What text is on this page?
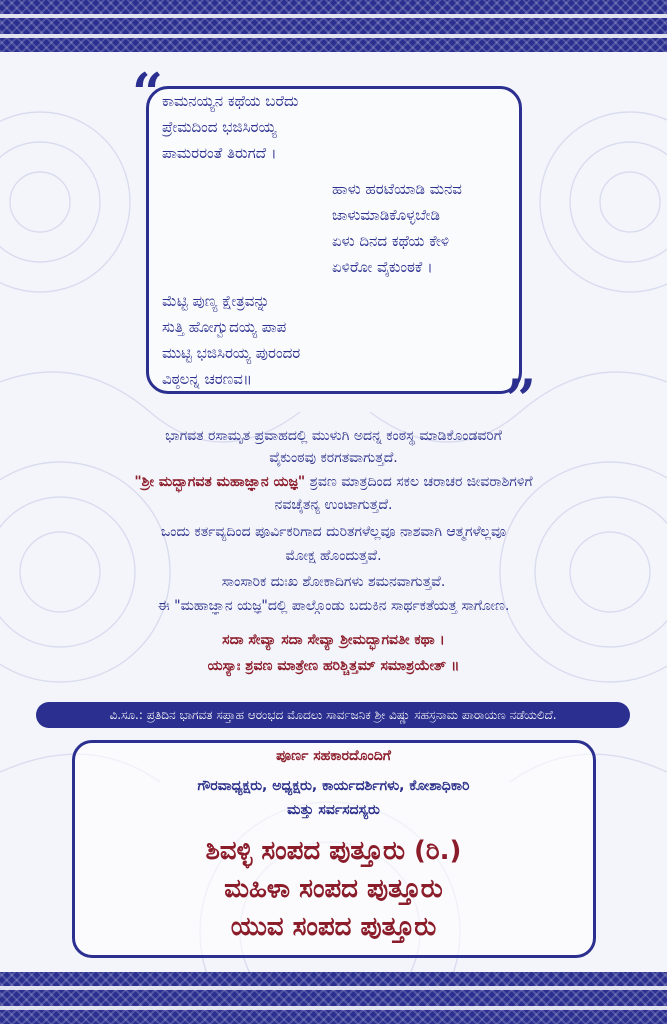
“
”
ಕಾಮನಯ್ಯನ ಕಥೆಯ ಬರೆದು
ಪ್ರೇಮದಿಂದ ಭಜಿಸಿರಯ್ಯ
ಪಾಮರರಂತೆ ತಿರುಗದೆ ।
ಹಾಳು ಹರಟೆಯಾಡಿ ಮನವ
ಜಾಳುಮಾಡಿಕೊಳ್ಳಬೇಡಿ
ಏಳು ದಿನದ ಕಥೆಯ ಕೇಳಿ
ಏಳಿರೋ ವೈಕುಂಠಕೆ ।
ಮೆಟ್ಟಿ ಪುಣ್ಯ ಕ್ಷೇತ್ರವನ್ನು
ಸುತ್ತಿ ಹೋಗ್ವುದಯ್ಯ ಪಾಪ
ಮುಟ್ಟಿ ಭಜಿಸಿರಯ್ಯ ಪುರಂದರ
ವಿಠ್ಠಲನ್ನ ಚರಣವ॥
ಭಾಗವತ ರಸಾಮೃತ ಪ್ರವಾಹದಲ್ಲಿ ಮುಳುಗಿ ಅದನ್ನ ಕಂಠಸ್ಥ ಮಾಡಿಕೊಂಡವರಿಗೆ
ವೈಕುಂಠವು ಕರಗತವಾಗುತ್ತದೆ.
"ಶ್ರೀ ಮದ್ಭಾಗವತ ಮಹಾಜ್ಞಾನ ಯಜ್ಞ" ಶ್ರವಣ ಮಾತ್ರದಿಂದ ಸಕಲ ಚರಾಚರ ಜೀವರಾಶಿಗಳಿಗೆ
ನವಚೈತನ್ಯ ಉಂಟಾಗುತ್ತದೆ.
ಒಂದು ಕರ್ತವ್ಯದಿಂದ ಪೂರ್ವಿಕರಿಗಾದ ದುರಿತಗಳೆಲ್ಲವೂ ನಾಶವಾಗಿ ಆತ್ಮಗಳೆಲ್ಲವೂ
ಮೋಕ್ಷ ಹೊಂದುತ್ತವೆ.
ಸಾಂಸಾರಿಕ ದುಃಖ ಶೋಕಾದಿಗಳು ಶಮನವಾಗುತ್ತವೆ.
ಈ "ಮಹಾಜ್ಞಾನ ಯಜ್ಞ"ದಲ್ಲಿ ಪಾಲ್ಗೊಂಡು ಬದುಕಿನ ಸಾರ್ಥಕತೆಯತ್ತ ಸಾಗೋಣ.
ಸದಾ ಸೇವ್ಯಾ ಸದಾ ಸೇವ್ಯಾ ಶ್ರೀಮದ್ಭಾಗವತೀ ಕಥಾ ।
ಯಸ್ಯಾಃ ಶ್ರವಣ ಮಾತ್ರೇಣ ಹರಿಶ್ಚಿತ್ತಮ್ ಸಮಾಶ್ರಯೇತ್ ॥
ವಿ.ಸೂ.: ಪ್ರತಿದಿನ ಭಾಗವತ ಸಪ್ತಾಹ ಆರಂಭದ ಮೊದಲು ಸಾರ್ವಜನಿಕ ಶ್ರೀ ವಿಷ್ಣು ಸಹಸ್ರನಾಮ ಪಾರಾಯಣ ನಡೆಯಲಿದೆ.
ಪೂರ್ಣ ಸಹಕಾರದೊಂದಿಗೆ
ಗೌರವಾಧ್ಯಕ್ಷರು, ಅಧ್ಯಕ್ಷರು, ಕಾರ್ಯದರ್ಶಿಗಳು, ಕೋಶಾಧಿಕಾರಿ
ಮತ್ತು ಸರ್ವಸದಸ್ಯರು
ಶಿವಳ್ಳಿ ಸಂಪದ ಪುತ್ತೂರು (ರಿ.)
ಮಹಿಳಾ ಸಂಪದ ಪುತ್ತೂರು
ಯುವ ಸಂಪದ ಪುತ್ತೂರು
